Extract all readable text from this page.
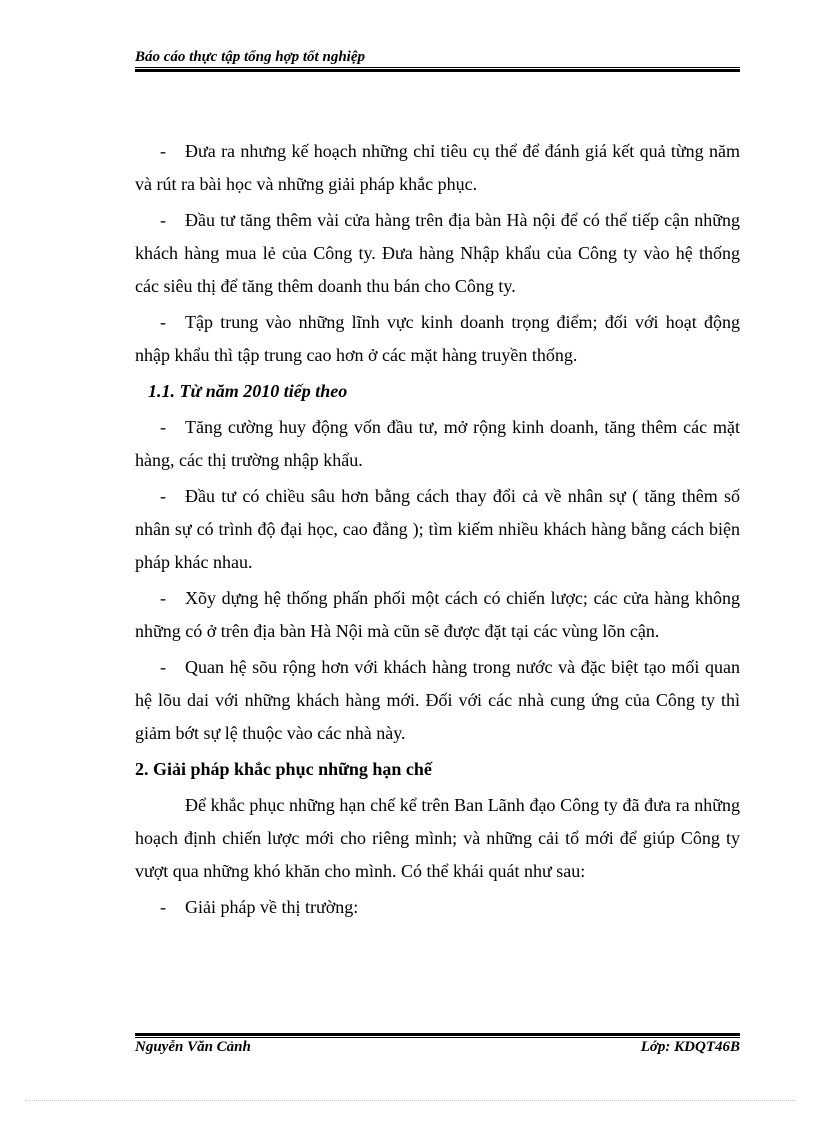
Báo cáo thực tập tổng hợp tốt nghiệp

- Đưa ra nhưng kế hoạch những chỉ tiêu cụ thể để đánh giá kết quả từng năm và rút ra bài học và những giải pháp khắc phục.

- Đầu tư tăng thêm vài cửa hàng trên địa bàn Hà nội để có thể tiếp cận những khách hàng mua lẻ của Công ty. Đưa hàng Nhập khẩu của Công ty vào hệ thống các siêu thị để tăng thêm doanh thu bán cho Công ty.

- Tập trung vào những lĩnh vực kinh doanh trọng điểm; đối với hoạt động nhập khẩu thì tập trung cao hơn ở các mặt hàng truyền thống.

1.1. Từ năm 2010 tiếp theo

- Tăng cường huy động vốn đầu tư, mở rộng kinh doanh, tăng thêm các mặt hàng, các thị trường nhập khẩu.

- Đầu tư có chiều sâu hơn bằng cách thay đổi cả về nhân sự ( tăng thêm số nhân sự có trình độ đại học, cao đẳng ); tìm kiếm nhiều khách hàng bằng cách biện pháp khác nhau.

- Xõy dựng hệ thống phấn phối một cách có chiến lược; các cửa hàng không những có ở trên địa bàn Hà Nội mà cũn sẽ được đặt tại các vùng lõn cận.

- Quan hệ sõu rộng hơn với khách hàng trong nước và đặc biệt tạo mối quan hệ lõu dai với những khách hàng mới. Đối với các nhà cung ứng của Công ty thì giảm bớt sự lệ thuộc vào các nhà này.

2. Giải pháp khắc phục những hạn chế

Để khắc phục những hạn chế kể trên Ban Lãnh đạo Công ty đã đưa ra những hoạch định chiến lược mới cho riêng mình; và những cải tổ mới để giúp Công ty vượt qua những khó khăn cho mình. Có thể khái quát như sau:

- Giải pháp về thị trường:

Nguyễn Văn Cảnh	Lớp: KDQT46B
